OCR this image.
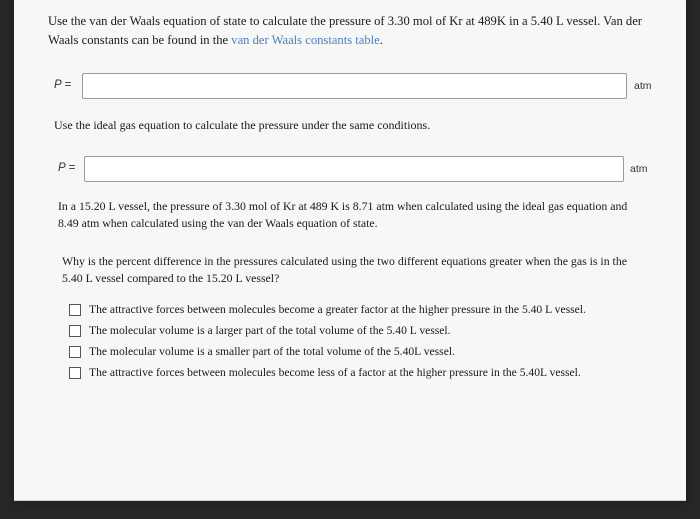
Use the van der Waals equation of state to calculate the pressure of 3.30 mol of Kr at 489K in a 5.40 L vessel. Van der Waals constants can be found in the van der Waals constants table.
P =	atm
Use the ideal gas equation to calculate the pressure under the same conditions.
P =	atm
In a 15.20 L vessel, the pressure of 3.30 mol of Kr at 489 K is 8.71 atm when calculated using the ideal gas equation and 8.49 atm when calculated using the van der Waals equation of state.
Why is the percent difference in the pressures calculated using the two different equations greater when the gas is in the 5.40 L vessel compared to the 15.20 L vessel?
The attractive forces between molecules become a greater factor at the higher pressure in the 5.40 L vessel.
The molecular volume is a larger part of the total volume of the 5.40 L vessel.
The molecular volume is a smaller part of the total volume of the 5.40L vessel.
The attractive forces between molecules become less of a factor at the higher pressure in the 5.40L vessel.
